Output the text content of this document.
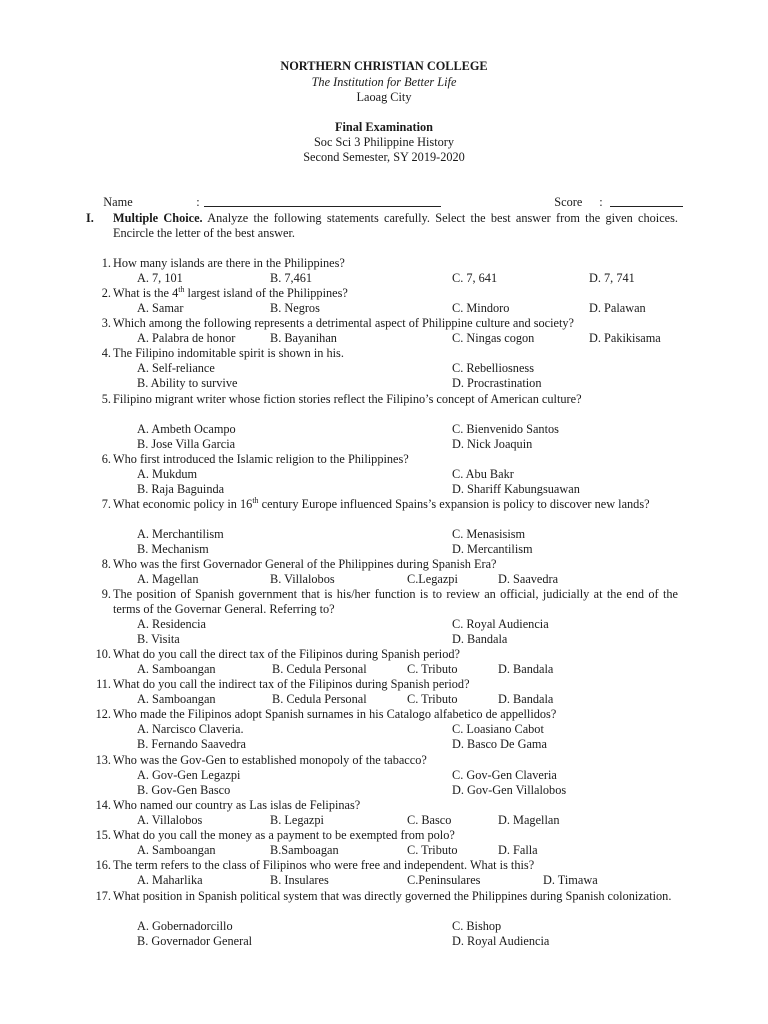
NORTHERN CHRISTIAN COLLEGE
The Institution for Better Life
Laoag City
Final Examination
Soc Sci 3 Philippine History
Second Semester, SY 2019-2020

Name
	:

	Score
	:

I. Multiple Choice. Analyze the following statements carefully. Select the best answer from the given choices. Encircle the letter of the best answer.
1. How many islands are there in the Philippines?
A. 7, 101	B. 7,461	C. 7, 641	D. 7, 741
2. What is the 4th largest island of the Philippines?
A. Samar	B. Negros	C. Mindoro	D. Palawan
3. Which among the following represents a detrimental aspect of Philippine culture and society?
A. Palabra de honor	B. Bayanihan	C. Ningas cogon	D. Pakikisama
4. The Filipino indomitable spirit is shown in his.
A. Self-reliance	C. Rebelliosness
B. Ability to survive	D. Procrastination
5. Filipino migrant writer whose fiction stories reflect the Filipino’s concept of American culture?
A. Ambeth Ocampo	C. Bienvenido Santos
B. Jose Villa Garcia	D. Nick Joaquin
6. Who first introduced the Islamic religion to the Philippines?
A. Mukdum	C. Abu Bakr
B. Raja Baguinda	D. Shariff Kabungsuawan
7. What economic policy in 16th century Europe influenced Spains’s expansion is policy to discover new lands?
A. Merchantilism	C. Menasisism
B. Mechanism	D. Mercantilism
8. Who was the first Governador General of the Philippines during Spanish Era?
A. Magellan	B. Villalobos	C.Legazpi	D. Saavedra
9. The position of Spanish government that is his/her function is to review an official, judicially at the end of the terms of the Governar General. Referring to?
A. Residencia	C. Royal Audiencia
B. Visita	D. Bandala
10. What do you call the direct tax of the Filipinos during Spanish period?
A. Samboangan	B. Cedula Personal	C. Tributo	D. Bandala
11. What do you call the indirect tax of the Filipinos during Spanish period?
A. Samboangan	B. Cedula Personal	C. Tributo	D. Bandala
12. Who made the Filipinos adopt Spanish surnames in his Catalogo alfabetico de appellidos?
A. Narcisco Claveria.	C. Loasiano Cabot
B. Fernando Saavedra	D. Basco De Gama
13. Who was the Gov-Gen to established monopoly of the tabacco?
A. Gov-Gen Legazpi	C. Gov-Gen Claveria
B. Gov-Gen Basco	D. Gov-Gen Villalobos
14. Who named our country as Las islas de Felipinas?
A. Villalobos	B. Legazpi	C. Basco	D. Magellan
15. What do you call the money as a payment to be exempted from polo?
A. Samboangan	B.Samboagan	C. Tributo	D. Falla
16. The term refers to the class of Filipinos who were free and independent. What is this?
A. Maharlika	B. Insulares	C.Peninsulares	D. Timawa
17. What position in Spanish political system that was directly governed the Philippines during Spanish colonization.
A. Gobernadorcillo	C. Bishop
B. Governador General	D. Royal Audiencia
